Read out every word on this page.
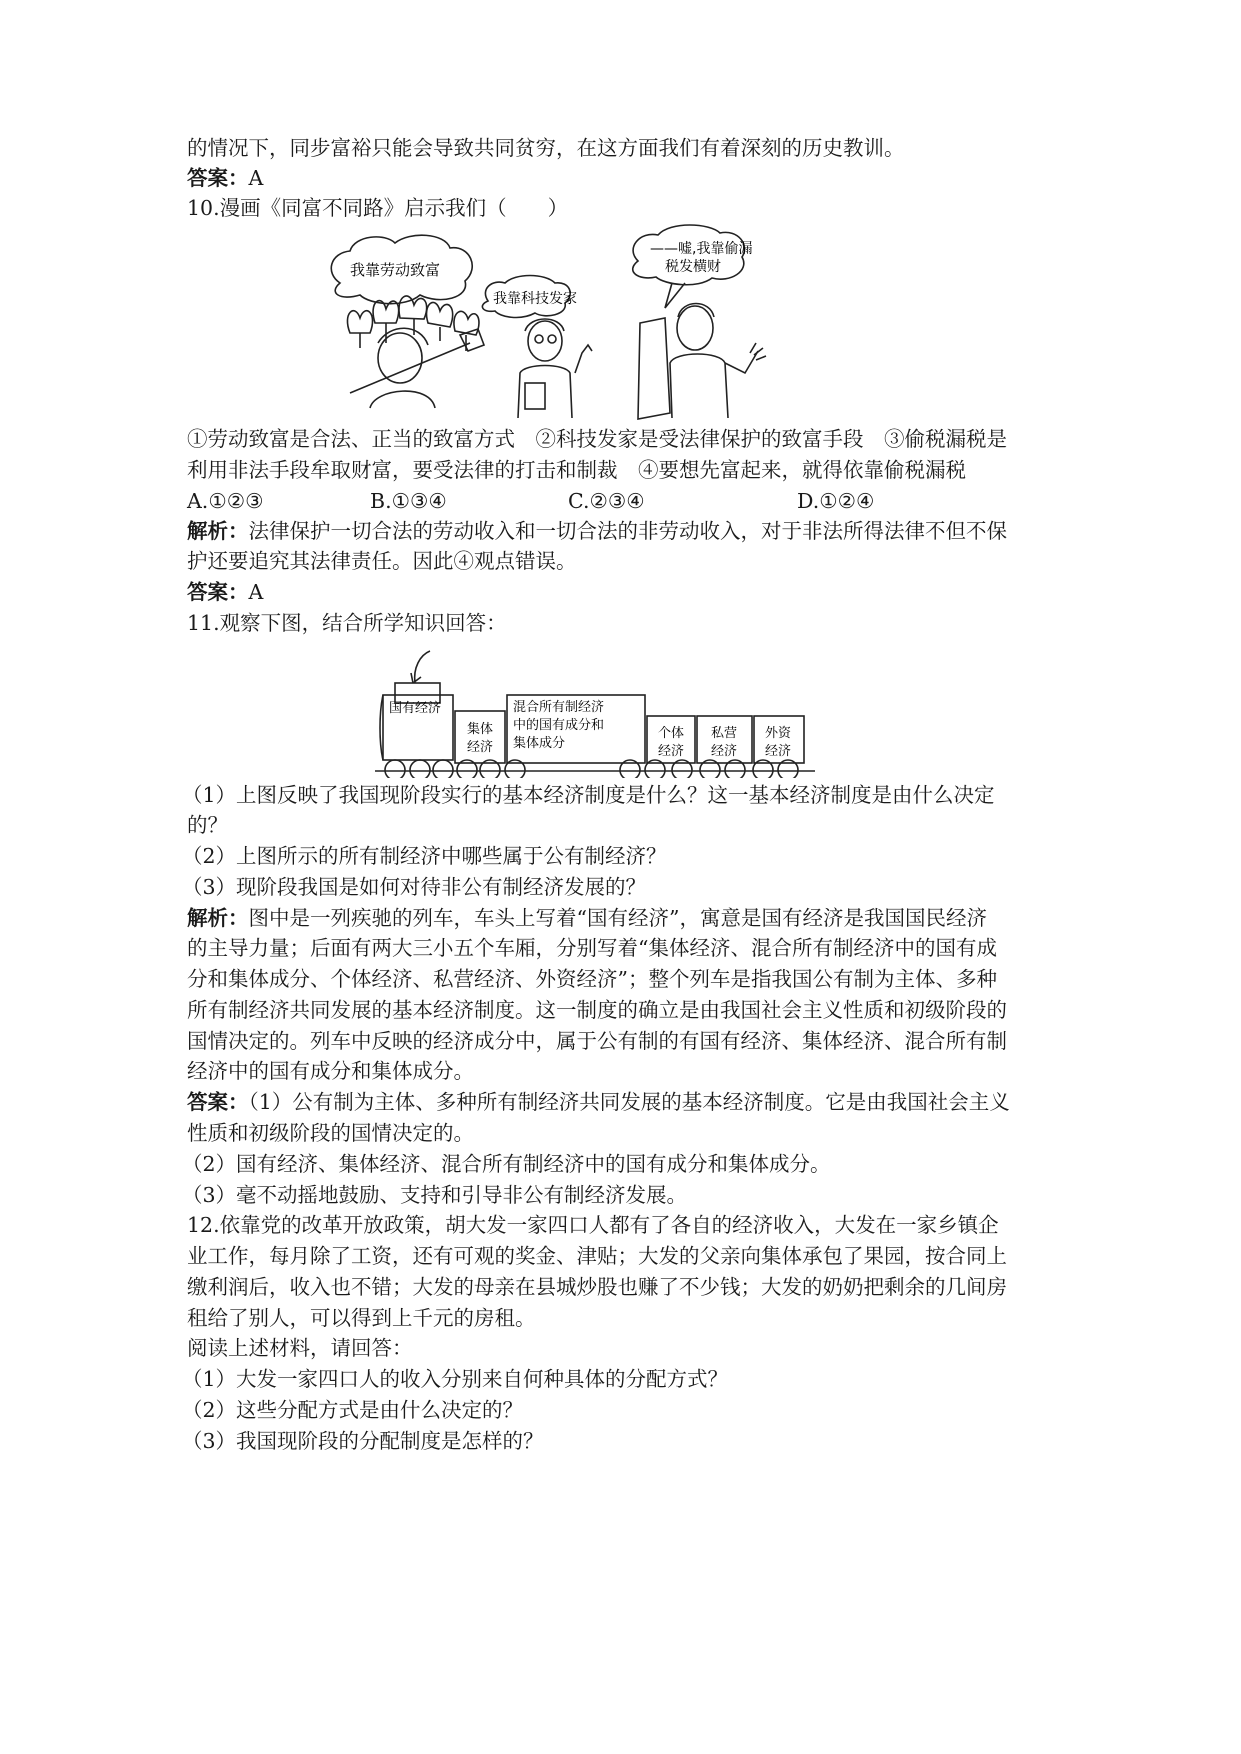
的情况下，同步富裕只能会导致共同贫穷，在这方面我们有着深刻的历史教训。
答案：A
10.漫画《同富不同路》启示我们（　　）
我靠劳动致富
我靠科技发家
——嘘,我靠偷漏
税发横财
①劳动致富是合法、正当的致富方式　②科技发家是受法律保护的致富手段　③偷税漏税是
利用非法手段牟取财富，要受法律的打击和制裁　④要想先富起来，就得依靠偷税漏税
A.①②③	B.①③④	C.②③④	D.①②④
解析：法律保护一切合法的劳动收入和一切合法的非劳动收入，对于非法所得法律不但不保
护还要追究其法律责任。因此④观点错误。
答案：A
11.观察下图，结合所学知识回答：
国有经济
集体
经济
混合所有制经济
中的国有成分和
集体成分
个体
经济
私营
经济
外资
经济
（1）上图反映了我国现阶段实行的基本经济制度是什么？这一基本经济制度是由什么决定
的？
（2）上图所示的所有制经济中哪些属于公有制经济？
（3）现阶段我国是如何对待非公有制经济发展的？
解析：图中是一列疾驰的列车，车头上写着“国有经济”，寓意是国有经济是我国国民经济
的主导力量；后面有两大三小五个车厢，分别写着“集体经济、混合所有制经济中的国有成
分和集体成分、个体经济、私营经济、外资经济”；整个列车是指我国公有制为主体、多种
所有制经济共同发展的基本经济制度。这一制度的确立是由我国社会主义性质和初级阶段的
国情决定的。列车中反映的经济成分中，属于公有制的有国有经济、集体经济、混合所有制
经济中的国有成分和集体成分。
答案：（1）公有制为主体、多种所有制经济共同发展的基本经济制度。它是由我国社会主义
性质和初级阶段的国情决定的。
（2）国有经济、集体经济、混合所有制经济中的国有成分和集体成分。
（3）毫不动摇地鼓励、支持和引导非公有制经济发展。
12.依靠党的改革开放政策，胡大发一家四口人都有了各自的经济收入，大发在一家乡镇企
业工作，每月除了工资，还有可观的奖金、津贴；大发的父亲向集体承包了果园，按合同上
缴利润后，收入也不错；大发的母亲在县城炒股也赚了不少钱；大发的奶奶把剩余的几间房
租给了别人，可以得到上千元的房租。
阅读上述材料，请回答：
（1）大发一家四口人的收入分别来自何种具体的分配方式？
（2）这些分配方式是由什么决定的？
（3）我国现阶段的分配制度是怎样的？
